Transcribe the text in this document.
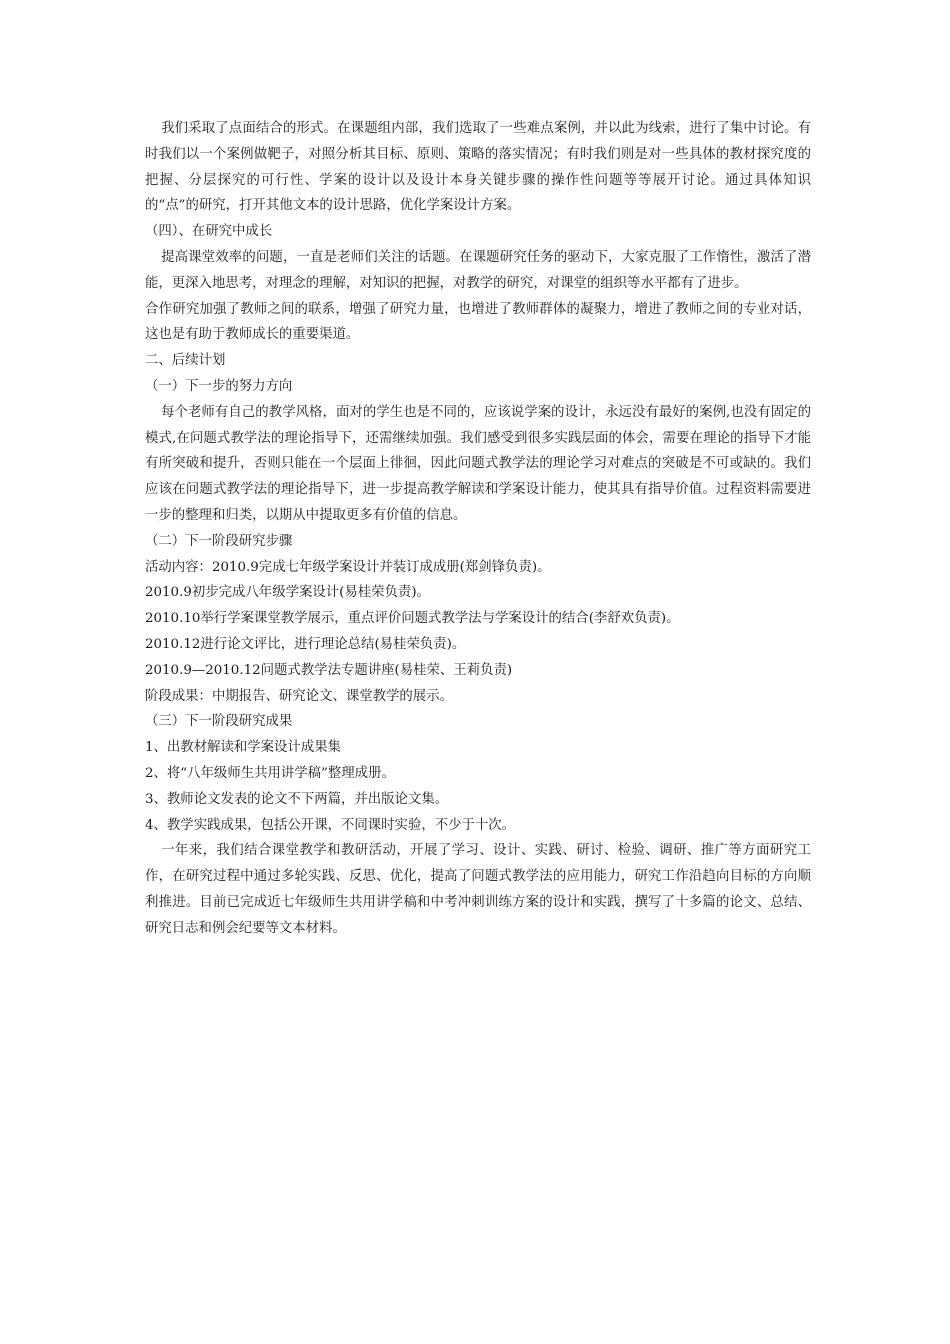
我们采取了点面结合的形式。在课题组内部，我们选取了一些难点案例，并以此为线索，进行了集中讨论。有时我们以一个案例做靶子，对照分析其目标、原则、策略的落实情况；有时我们则是对一些具体的教材探究度的把握、分层探究的可行性、学案的设计以及设计本身关键步骤的操作性问题等等展开讨论。通过具体知识的“点”的研究，打开其他文本的设计思路，优化学案设计方案。

（四）、在研究中成长

提高课堂效率的问题，一直是老师们关注的话题。在课题研究任务的驱动下，大家克服了工作惰性，激活了潜能，更深入地思考，对理念的理解，对知识的把握，对教学的研究，对课堂的组织等水平都有了进步。

合作研究加强了教师之间的联系，增强了研究力量，也增进了教师群体的凝聚力，增进了教师之间的专业对话，这也是有助于教师成长的重要渠道。

二、后续计划

（一）下一步的努力方向

每个老师有自己的教学风格，面对的学生也是不同的，应该说学案的设计，永远没有最好的案例,也没有固定的模式,在问题式教学法的理论指导下，还需继续加强。我们感受到很多实践层面的体会，需要在理论的指导下才能有所突破和提升，否则只能在一个层面上徘徊，因此问题式教学法的理论学习对难点的突破是不可或缺的。我们应该在问题式教学法的理论指导下，进一步提高教学解读和学案设计能力，使其具有指导价值。过程资料需要进一步的整理和归类，以期从中提取更多有价值的信息。

（二）下一阶段研究步骤

活动内容：2010.9完成七年级学案设计并装订成成册(郑剑锋负责)。

2010.9初步完成八年级学案设计(易桂荣负责)。

2010.10举行学案课堂教学展示，重点评价问题式教学法与学案设计的结合(李舒欢负责)。

2010.12进行论文评比，进行理论总结(易桂荣负责)。

2010.9—2010.12问题式教学法专题讲座(易桂荣、王莉负责)

阶段成果：中期报告、研究论文、课堂教学的展示。

（三）下一阶段研究成果

1、出教材解读和学案设计成果集

2、将“八年级师生共用讲学稿”整理成册。

3、教师论文发表的论文不下两篇，并出版论文集。

4、教学实践成果，包括公开课，不同课时实验，不少于十次。

一年来，我们结合课堂教学和教研活动，开展了学习、设计、实践、研讨、检验、调研、推广等方面研究工作，在研究过程中通过多轮实践、反思、优化，提高了问题式教学法的应用能力，研究工作沿趋向目标的方向顺利推进。目前已完成近七年级师生共用讲学稿和中考冲刺训练方案的设计和实践，撰写了十多篇的论文、总结、研究日志和例会纪要等文本材料。
